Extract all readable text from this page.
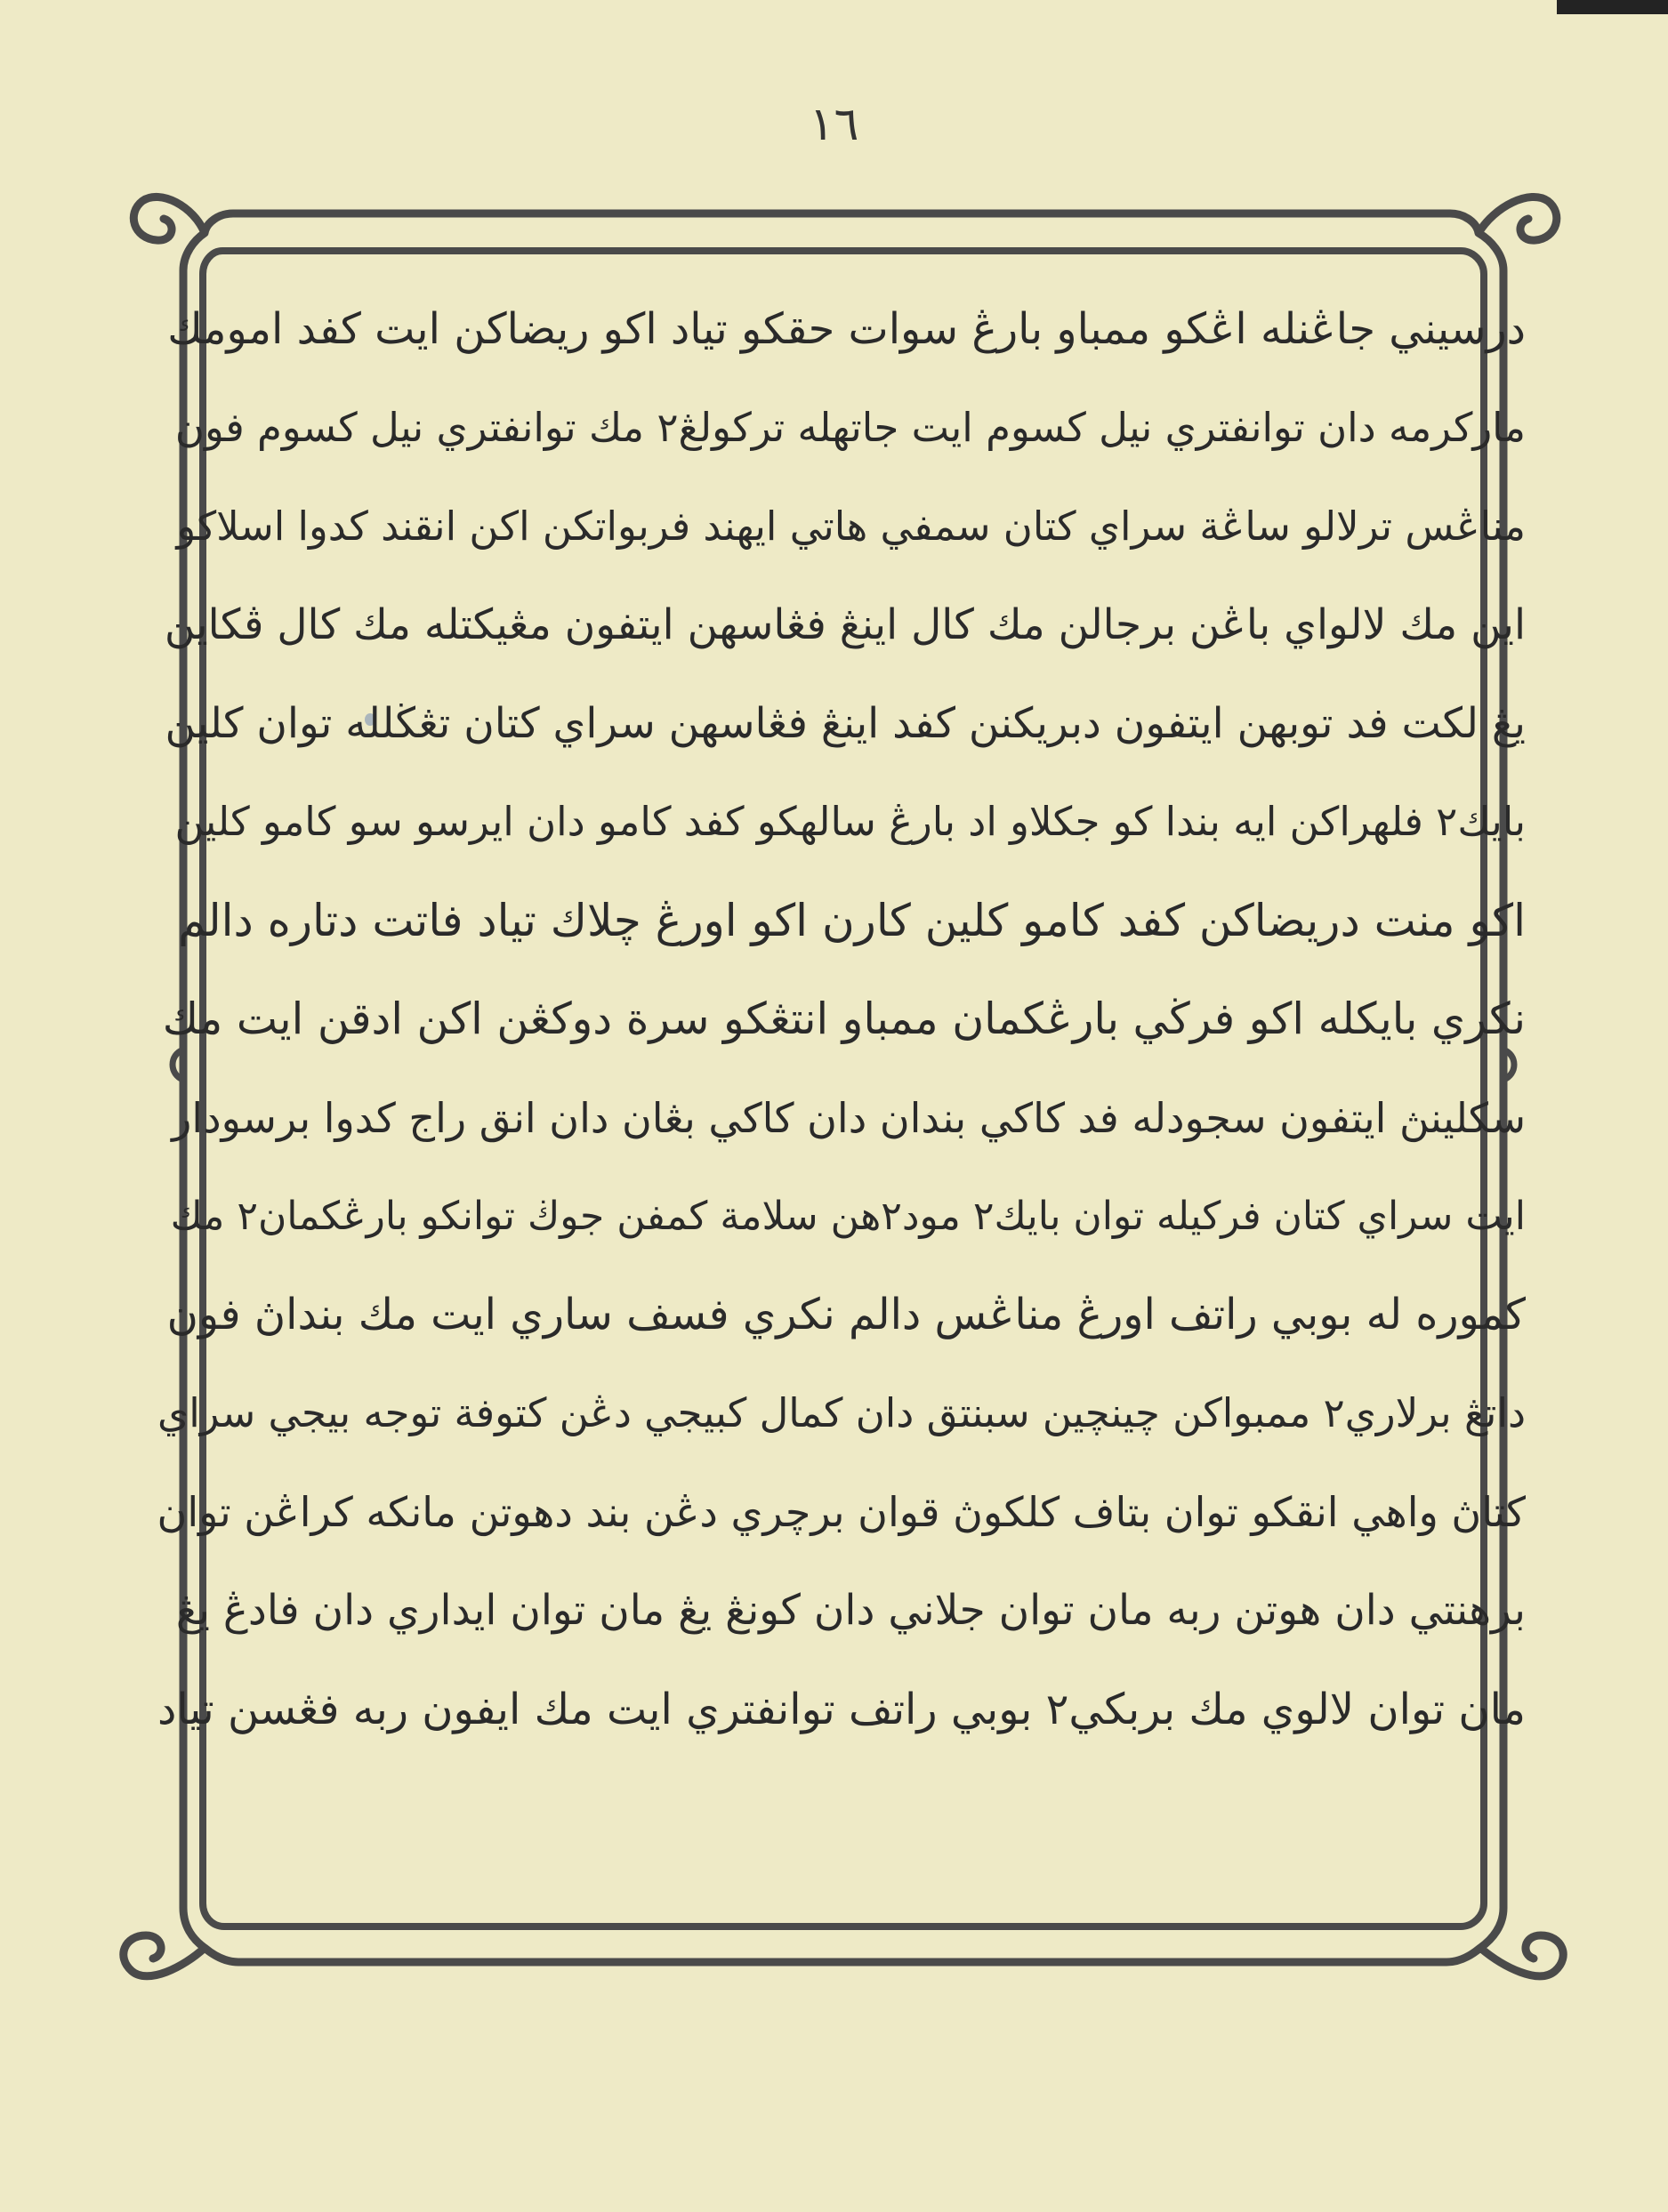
١٦
درسيني جاڠنله اڠكو ممباو بارڠ سوات حقكو تياد اكو ريضاكن ايت كفد امومك
ماركرمه دان توانفتري نيل كسوم ايت جاتهله تركولڠ٢ مك توانفتري نيل كسوم فون
مناڠس ترلالو ساڠة سراي كتان سمفي هاتي ايهند فربواتكن اكن انقند كدوا اسلاكو
اين مك لالواي باڠن برجالن مك كال اينڠ فڠاسهن ايتفون مڠيكتله مك كال ڤكاين
يڠ لكت فد توبهن ايتفون دبريكنن كفد اينڠ فڠاسهن سراي كتان تڠڬلله توان كلين
بايك٢ فلهراكن ايه بندا كو جكلاو اد بارڠ سالهكو كفد كامو دان ايرسو سو كامو كلين
اكو منت دريضاكن كفد كامو كلين كارن اكو اورڠ چلاك تياد فاتت دتاره دالم
نكري بايكله اكو فرڬي بارڠكمان ممباو انتڠكو سرة دوكڠن اكن ادقن ايت مك
سكلينڽ ايتفون سجودله فد كاكي بندان دان كاكي بڠان دان انق راج كدوا برسودار
ايت سراي كتان فركيله توان بايك٢ مود٢هن سلامة كمفن جوڬ توانكو بارڠكمان٢ مك
كموره له بوبي راتف اورڠ مناڠس دالم نكري فسف ساري ايت مك بنداڽ فون
داتڠ برلاري٢ ممبواكن چينچين سبنتق دان كمال كبيجي دڠن كتوفة توجه بيجي سراي
كتاڽ واهي انقكو توان بتاف كلكوڽ قوان برچري دڠن بند دهوتن مانكه كراڠن توان
برهنتي دان هوتن ربه مان توان جلاني دان كونڠ يڠ مان توان ايداري دان فادڠ يڠ
مان توان لالوي مك بربكي٢ بوبي راتف توانفتري ايت مك ايفون ربه فڠسن تياد
